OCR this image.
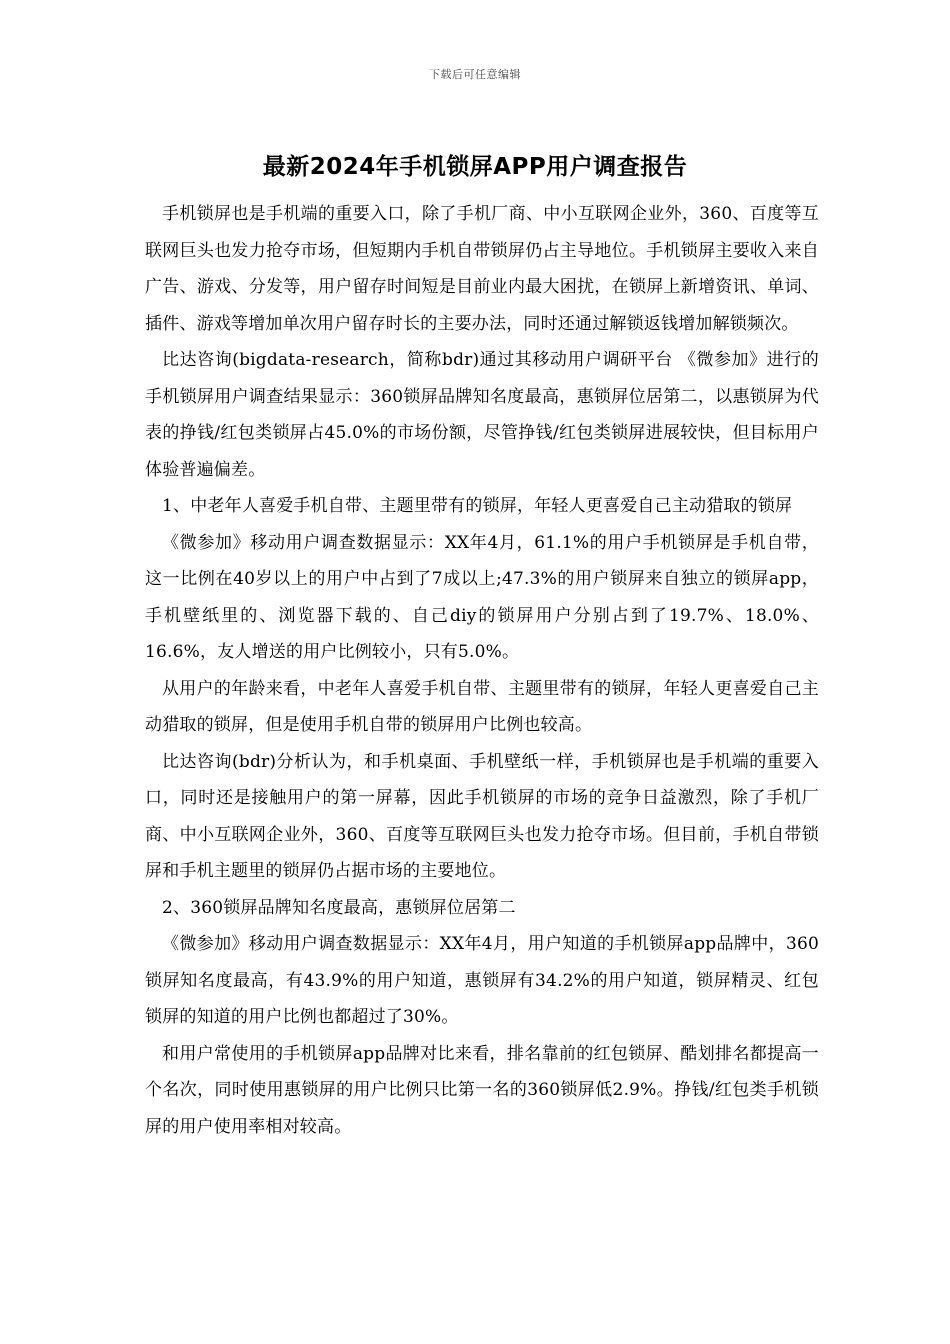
下载后可任意编辑
最新2024年手机锁屏APP用户调查报告

手机锁屏也是手机端的重要入口，除了手机厂商、中小互联网企业外，360、百度等互联网巨头也发力抢夺市场，但短期内手机自带锁屏仍占主导地位。手机锁屏主要收入来自广告、游戏、分发等，用户留存时间短是目前业内最大困扰，在锁屏上新增资讯、单词、插件、游戏等增加单次用户留存时长的主要办法，同时还通过解锁返钱增加解锁频次。

比达咨询(bigdata-research，简称bdr)通过其移动用户调研平台 《微参加》进行的手机锁屏用户调查结果显示：360锁屏品牌知名度最高，惠锁屏位居第二，以惠锁屏为代表的挣钱/红包类锁屏占45.0%的市场份额，尽管挣钱/红包类锁屏进展较快，但目标用户体验普遍偏差。

1、中老年人喜爱手机自带、主题里带有的锁屏，年轻人更喜爱自己主动猎取的锁屏

《微参加》移动用户调查数据显示：XX年4月，61.1%的用户手机锁屏是手机自带，这一比例在40岁以上的用户中占到了7成以上;47.3%的用户锁屏来自独立的锁屏app，手机壁纸里的、浏览器下载的、自己diy的锁屏用户分别占到了19.7%、18.0%、16.6%，友人增送的用户比例较小，只有5.0%。

从用户的年龄来看，中老年人喜爱手机自带、主题里带有的锁屏，年轻人更喜爱自己主动猎取的锁屏，但是使用手机自带的锁屏用户比例也较高。

比达咨询(bdr)分析认为，和手机桌面、手机壁纸一样，手机锁屏也是手机端的重要入口，同时还是接触用户的第一屏幕，因此手机锁屏的市场的竞争日益激烈，除了手机厂商、中小互联网企业外，360、百度等互联网巨头也发力抢夺市场。但目前，手机自带锁屏和手机主题里的锁屏仍占据市场的主要地位。

2、360锁屏品牌知名度最高，惠锁屏位居第二

《微参加》移动用户调查数据显示：XX年4月，用户知道的手机锁屏app品牌中，360锁屏知名度最高，有43.9%的用户知道，惠锁屏有34.2%的用户知道，锁屏精灵、红包锁屏的知道的用户比例也都超过了30%。

和用户常使用的手机锁屏app品牌对比来看，排名靠前的红包锁屏、酷划排名都提高一个名次，同时使用惠锁屏的用户比例只比第一名的360锁屏低2.9%。挣钱/红包类手机锁屏的用户使用率相对较高。
